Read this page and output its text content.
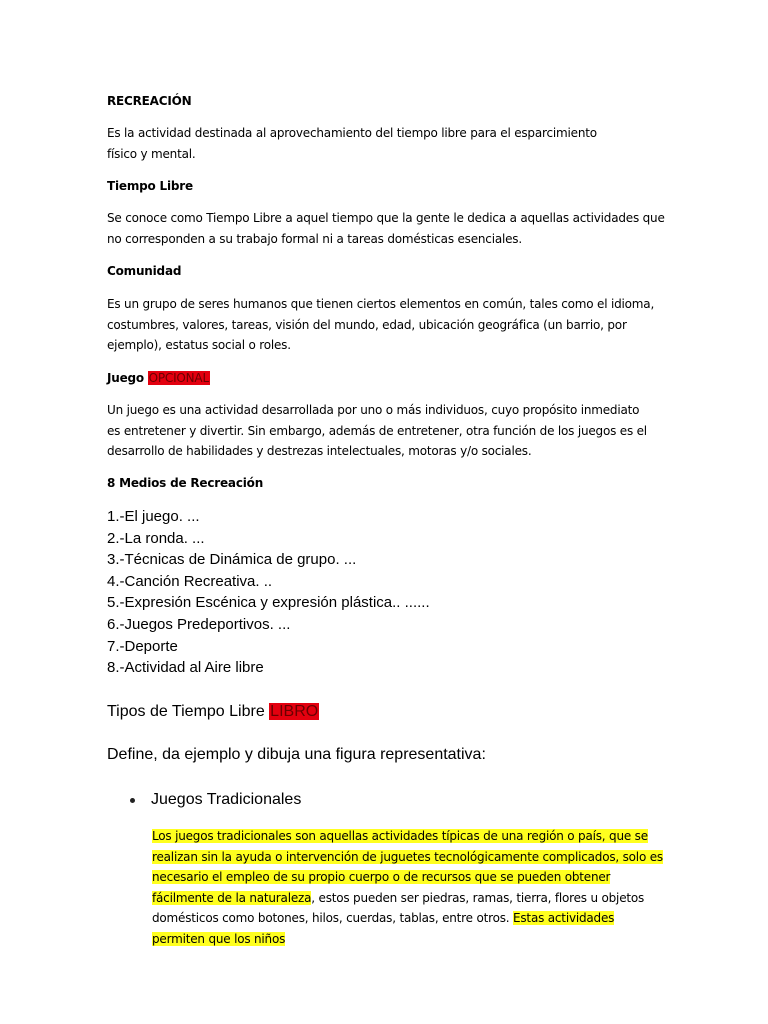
RECREACIÓN

Es la actividad destinada al aprovechamiento del tiempo libre para el esparcimiento físico y mental.

Tiempo Libre

Se conoce como Tiempo Libre a aquel tiempo que la gente le dedica a aquellas actividades que no corresponden a su trabajo formal ni a tareas domésticas esenciales.

Comunidad

Es un grupo de seres humanos que tienen ciertos elementos en común, tales como el idioma, costumbres, valores, tareas, visión del mundo, edad, ubicación geográfica (un barrio, por ejemplo), estatus social o roles.

Juego OPCIONAL

Un juego es una actividad desarrollada por uno o más individuos, cuyo propósito inmediato es entretener y divertir. Sin embargo, además de entretener, otra función de los juegos es el desarrollo de habilidades y destrezas intelectuales, motoras y/o sociales.

8 Medios de Recreación

1.-El juego. ...
2.-La ronda. ...
3.-Técnicas de Dinámica de grupo. ...
4.-Canción Recreativa. ..
5.-Expresión Escénica y expresión plástica.. ......
6.-Juegos Predeportivos. ...
7.-Deporte
8.-Actividad al Aire libre

Tipos de Tiempo Libre LIBRO

Define, da ejemplo y dibuja una figura representativa:

Juegos Tradicionales

Los juegos tradicionales son aquellas actividades típicas de una región o país, que se realizan sin la ayuda o intervención de juguetes tecnológicamente complicados, solo es necesario el empleo de su propio cuerpo o de recursos que se pueden obtener fácilmente de la naturaleza, estos pueden ser piedras, ramas, tierra, flores u objetos domésticos como botones, hilos, cuerdas, tablas, entre otros. Estas actividades permiten que los niños
